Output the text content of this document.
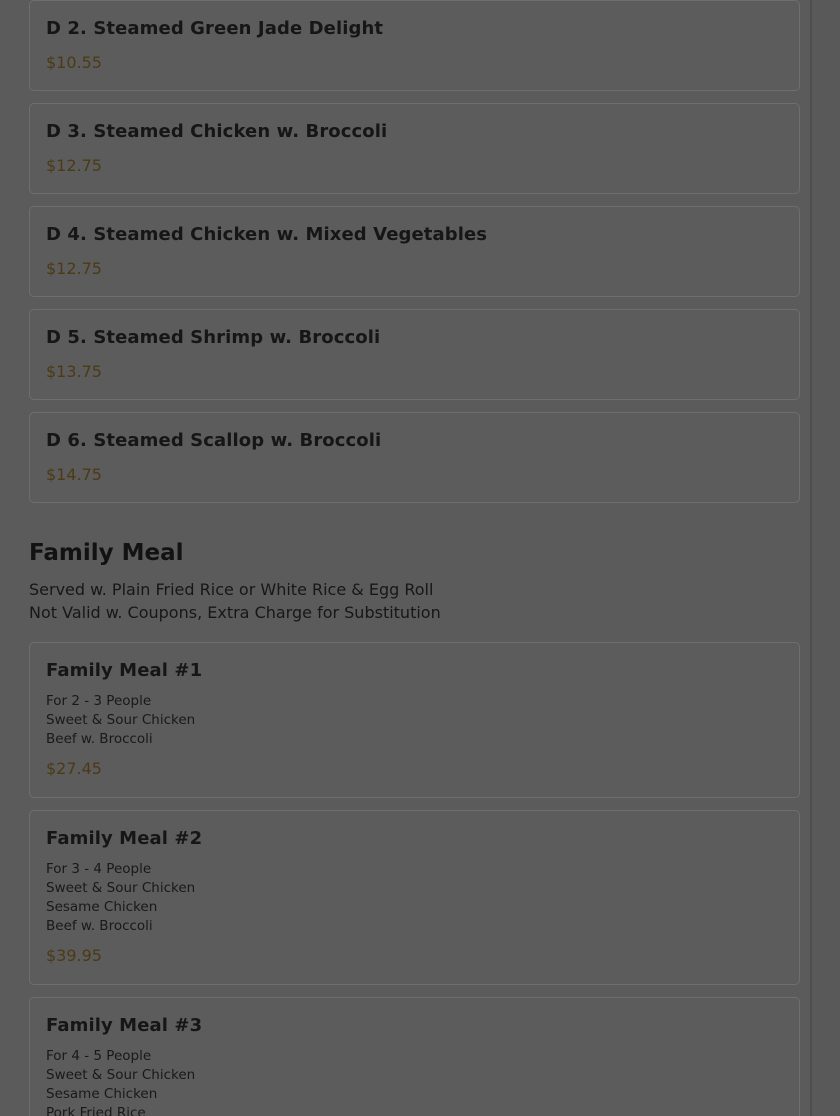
D 2. Steamed Green Jade Delight
$10.55
D 3. Steamed Chicken w. Broccoli
$12.75
D 4. Steamed Chicken w. Mixed Vegetables
$12.75
D 5. Steamed Shrimp w. Broccoli
$13.75
D 6. Steamed Scallop w. Broccoli
$14.75
Family Meal
Served w. Plain Fried Rice or White Rice & Egg Roll
Not Valid w. Coupons, Extra Charge for Substitution
Family Meal #1
For 2 - 3 People
Sweet & Sour Chicken
Beef w. Broccoli
$27.45
Family Meal #2
For 3 - 4 People
Sweet & Sour Chicken
Sesame Chicken
Beef w. Broccoli
$39.95
Family Meal #3
For 4 - 5 People
Sweet & Sour Chicken
Sesame Chicken
Pork Fried Rice
